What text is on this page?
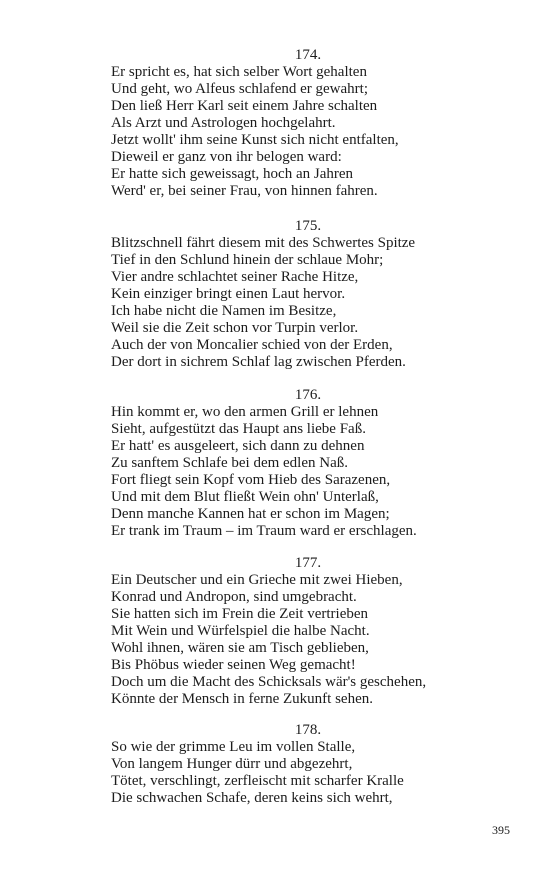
174.
Er spricht es, hat sich selber Wort gehalten
Und geht, wo Alfeus schlafend er gewahrt;
Den ließ Herr Karl seit einem Jahre schalten
Als Arzt und Astrologen hochgelahrt.
Jetzt wollt' ihm seine Kunst sich nicht entfalten,
Dieweil er ganz von ihr belogen ward:
Er hatte sich geweissagt, hoch an Jahren
Werd' er, bei seiner Frau, von hinnen fahren.
175.
Blitzschnell fährt diesem mit des Schwertes Spitze
Tief in den Schlund hinein der schlaue Mohr;
Vier andre schlachtet seiner Rache Hitze,
Kein einziger bringt einen Laut hervor.
Ich habe nicht die Namen im Besitze,
Weil sie die Zeit schon vor Turpin verlor.
Auch der von Moncalier schied von der Erden,
Der dort in sichrem Schlaf lag zwischen Pferden.
176.
Hin kommt er, wo den armen Grill er lehnen
Sieht, aufgestützt das Haupt ans liebe Faß.
Er hatt' es ausgeleert, sich dann zu dehnen
Zu sanftem Schlafe bei dem edlen Naß.
Fort fliegt sein Kopf vom Hieb des Sarazenen,
Und mit dem Blut fließt Wein ohn' Unterlaß,
Denn manche Kannen hat er schon im Magen;
Er trank im Traum – im Traum ward er erschlagen.
177.
Ein Deutscher und ein Grieche mit zwei Hieben,
Konrad und Andropon, sind umgebracht.
Sie hatten sich im Frein die Zeit vertrieben
Mit Wein und Würfelspiel die halbe Nacht.
Wohl ihnen, wären sie am Tisch geblieben,
Bis Phöbus wieder seinen Weg gemacht!
Doch um die Macht des Schicksals wär's geschehen,
Könnte der Mensch in ferne Zukunft sehen.
178.
So wie der grimme Leu im vollen Stalle,
Von langem Hunger dürr und abgezehrt,
Tötet, verschlingt, zerfleischt mit scharfer Kralle
Die schwachen Schafe, deren keins sich wehrt,
395
